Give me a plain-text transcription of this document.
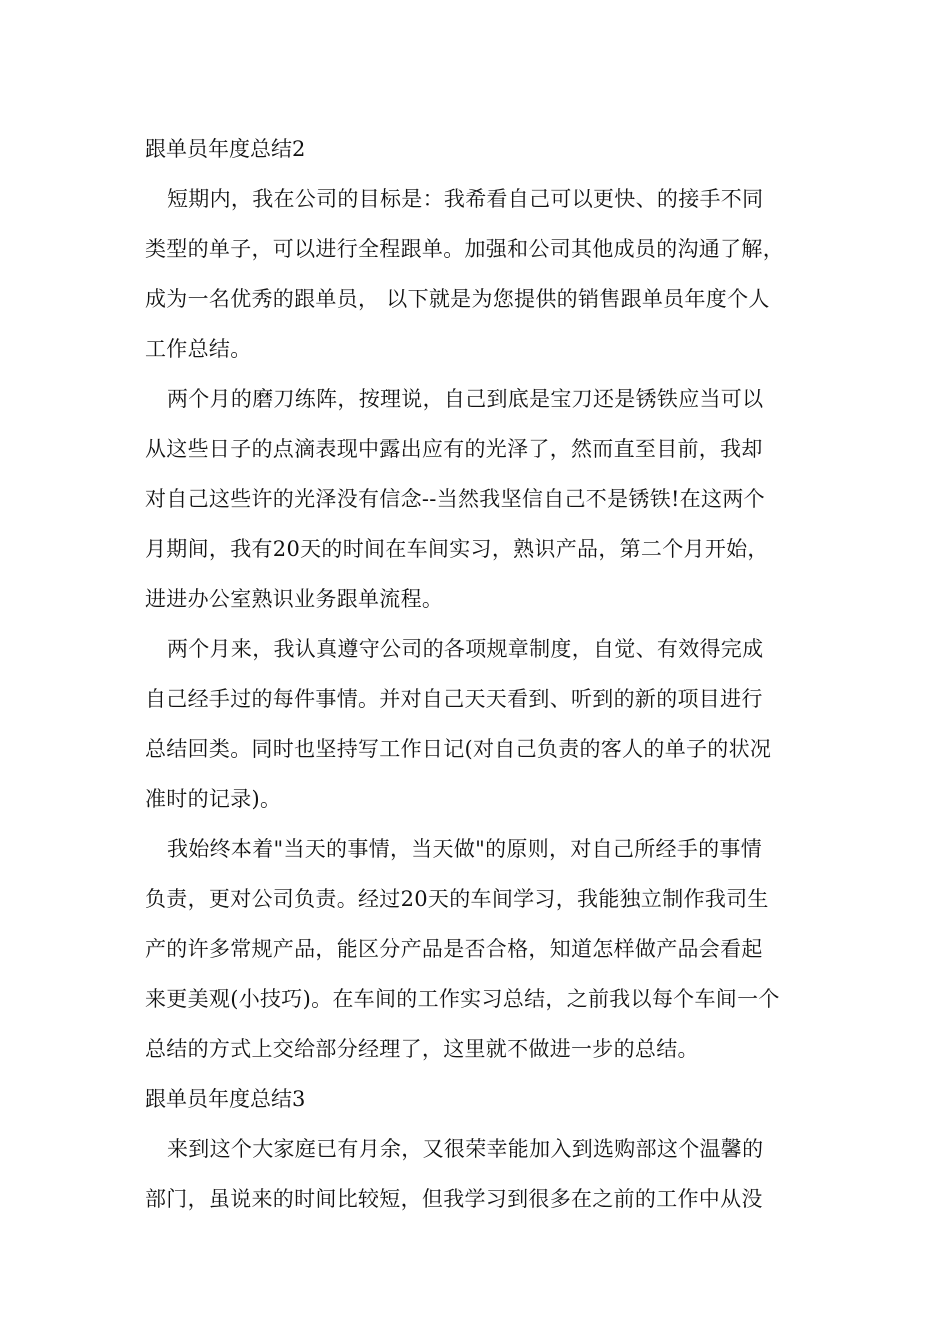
跟单员年度总结2
短期内，我在公司的目标是：我希看自己可以更快、的接手不同
类型的单子，可以进行全程跟单。加强和公司其他成员的沟通了解，
成为一名优秀的跟单员， 以下就是为您提供的销售跟单员年度个人
工作总结。
两个月的磨刀练阵，按理说，自己到底是宝刀还是锈铁应当可以
从这些日子的点滴表现中露出应有的光泽了，然而直至目前，我却
对自己这些许的光泽没有信念--当然我坚信自己不是锈铁!在这两个
月期间，我有20天的时间在车间实习，熟识产品，第二个月开始，
进进办公室熟识业务跟单流程。
两个月来，我认真遵守公司的各项规章制度，自觉、有效得完成
自己经手过的每件事情。并对自己天天看到、听到的新的项目进行
总结回类。同时也坚持写工作日记(对自己负责的客人的单子的状况
准时的记录)。
我始终本着"当天的事情，当天做"的原则，对自己所经手的事情
负责，更对公司负责。经过20天的车间学习，我能独立制作我司生
产的许多常规产品，能区分产品是否合格，知道怎样做产品会看起
来更美观(小技巧)。在车间的工作实习总结，之前我以每个车间一个
总结的方式上交给部分经理了，这里就不做进一步的总结。
跟单员年度总结3
来到这个大家庭已有月余，又很荣幸能加入到选购部这个温馨的
部门，虽说来的时间比较短，但我学习到很多在之前的工作中从没
